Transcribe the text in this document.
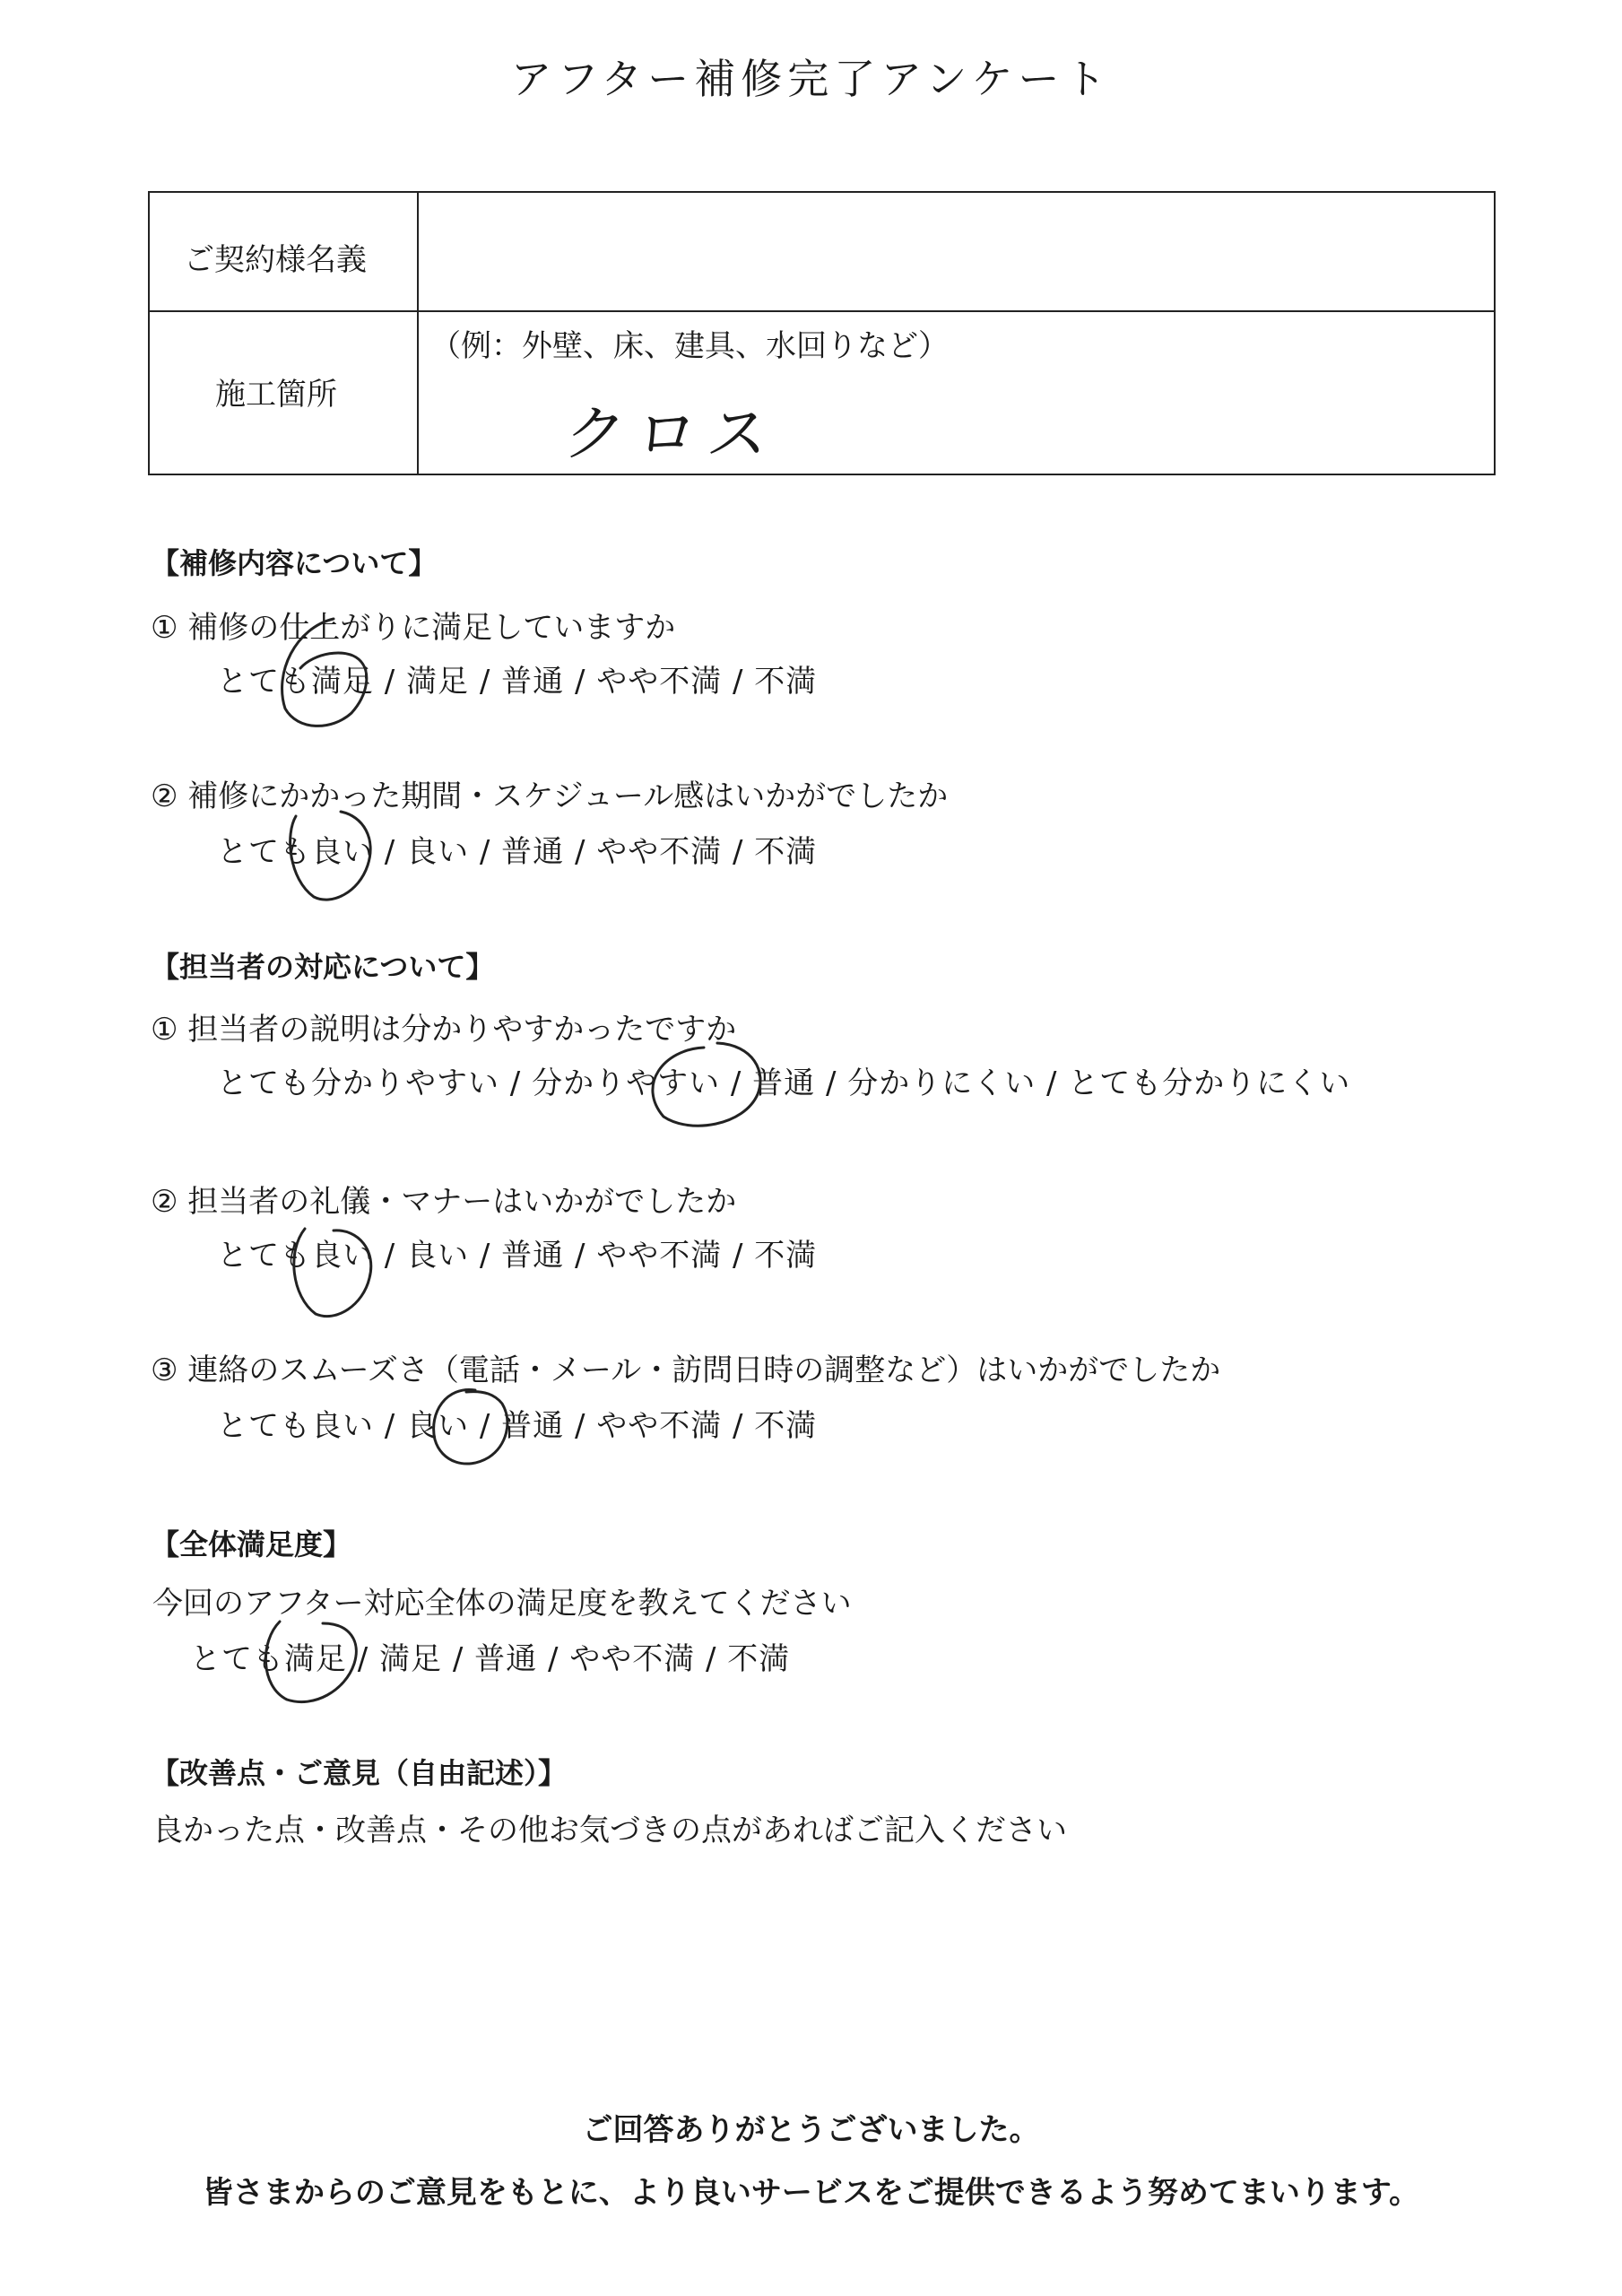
アフター補修完了アンケート
ご契約様名義
施工箇所
（例：外壁、床、建具、水回りなど）
クロス
【補修内容について】
① 補修の仕上がりに満足していますか
とても満足 / 満足 / 普通 / やや不満 / 不満
② 補修にかかった期間・スケジュール感はいかがでしたか
とても良い / 良い / 普通 / やや不満 / 不満
【担当者の対応について】
① 担当者の説明は分かりやすかったですか
とても分かりやすい / 分かりやすい / 普通 / 分かりにくい / とても分かりにくい
② 担当者の礼儀・マナーはいかがでしたか
とても良い / 良い / 普通 / やや不満 / 不満
③ 連絡のスムーズさ（電話・メール・訪問日時の調整など）はいかがでしたか
とても良い / 良い / 普通 / やや不満 / 不満
【全体満足度】
今回のアフター対応全体の満足度を教えてください
とても満足 / 満足 / 普通 / やや不満 / 不満
【改善点・ご意見（自由記述）】
良かった点・改善点・その他お気づきの点があればご記入ください
ご回答ありがとうございました。
皆さまからのご意見をもとに、より良いサービスをご提供できるよう努めてまいります。
